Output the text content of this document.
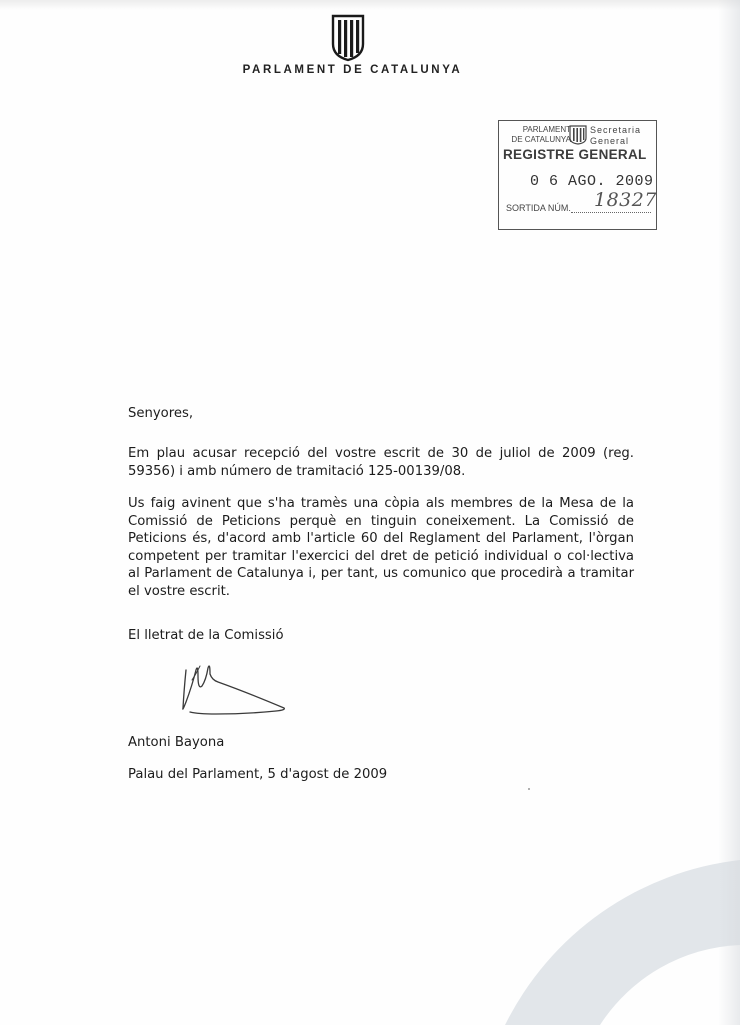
PARLAMENT DE CATALUNYA
PARLAMENT
DE CATALUNYA
Secretaria
General
REGISTRE GENERAL
0 6 AGO. 2009
SORTIDA NÚM. 18327
Senyores,
Em plau acusar recepció del vostre escrit de 30 de juliol de 2009 (reg. 59356) i amb número de tramitació 125-00139/08.
Us faig avinent que s'ha tramès una còpia als membres de la Mesa de la Comissió de Peticions perquè en tinguin coneixement. La Comissió de Peticions és, d'acord amb l'article 60 del Reglament del Parlament, l'òrgan competent per tramitar l'exercici del dret de petició individual o col·lectiva al Parlament de Catalunya i, per tant, us comunico que procedirà a tramitar el vostre escrit.
El lletrat de la Comissió
Antoni Bayona
Palau del Parlament, 5 d'agost de 2009
